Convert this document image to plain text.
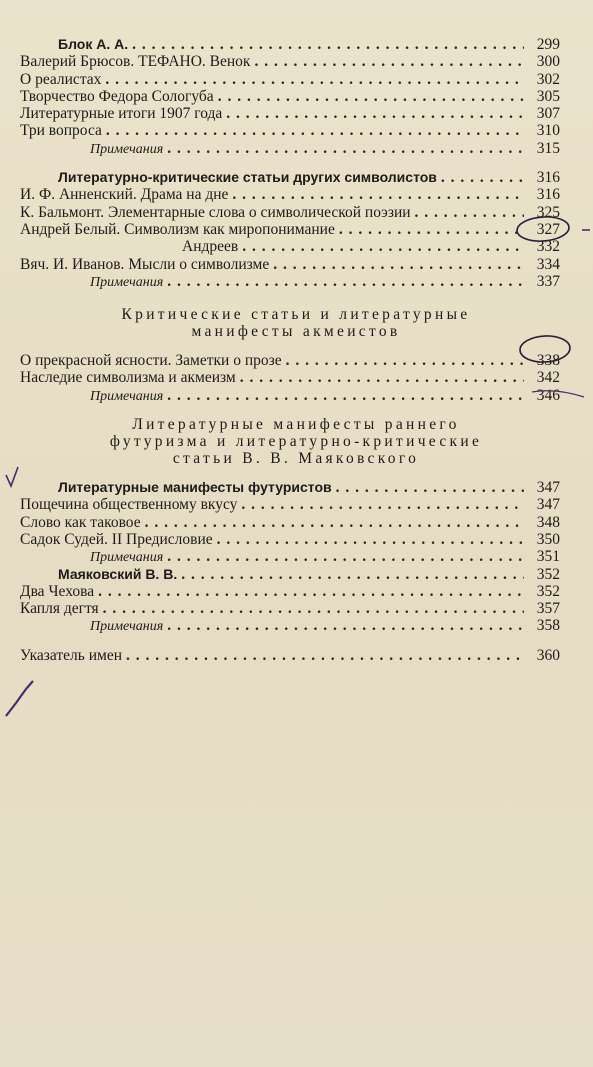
Блок А. А. . . .	299
Валерий Брюсов. ТЕФАНО. Венок . . .	300
О реалистах . . .	302
Творчество Федора Сологуба . . .	305
Литературные итоги 1907 года . . .	307
Три вопроса . . .	310
Примечания . . .	315
Литературно-критические статьи других символистов . . .	316
И. Ф. Анненский. Драма на дне . . .	316
К. Бальмонт. Элементарные слова о символической поэзии . . .	325
Андрей Белый. Символизм как миропонимание . . .	327
Андреев . . .	332
Вяч. И. Иванов. Мысли о символизме . . .	334
Примечания . . .	337
Критические статьи и литературные
манифесты акмеистов
О прекрасной ясности. Заметки о прозе . . .	338
Наследие символизма и акмеизм . . .	342
Примечания . . .	346
Литературные манифесты раннего
футуризма и литературно-критические
статьи В. В. Маяковского
Литературные манифесты футуристов . . .	347
Пощечина общественному вкусу . . .	347
Слово как таковое . . .	348
Садок Судей. II Предисловие . . .	350
Примечания . . .	351
Маяковский В. В. . . .	352
Два Чехова . . .	352
Капля дегтя . . .	357
Примечания . . .	358
Указатель имен . . .	360
